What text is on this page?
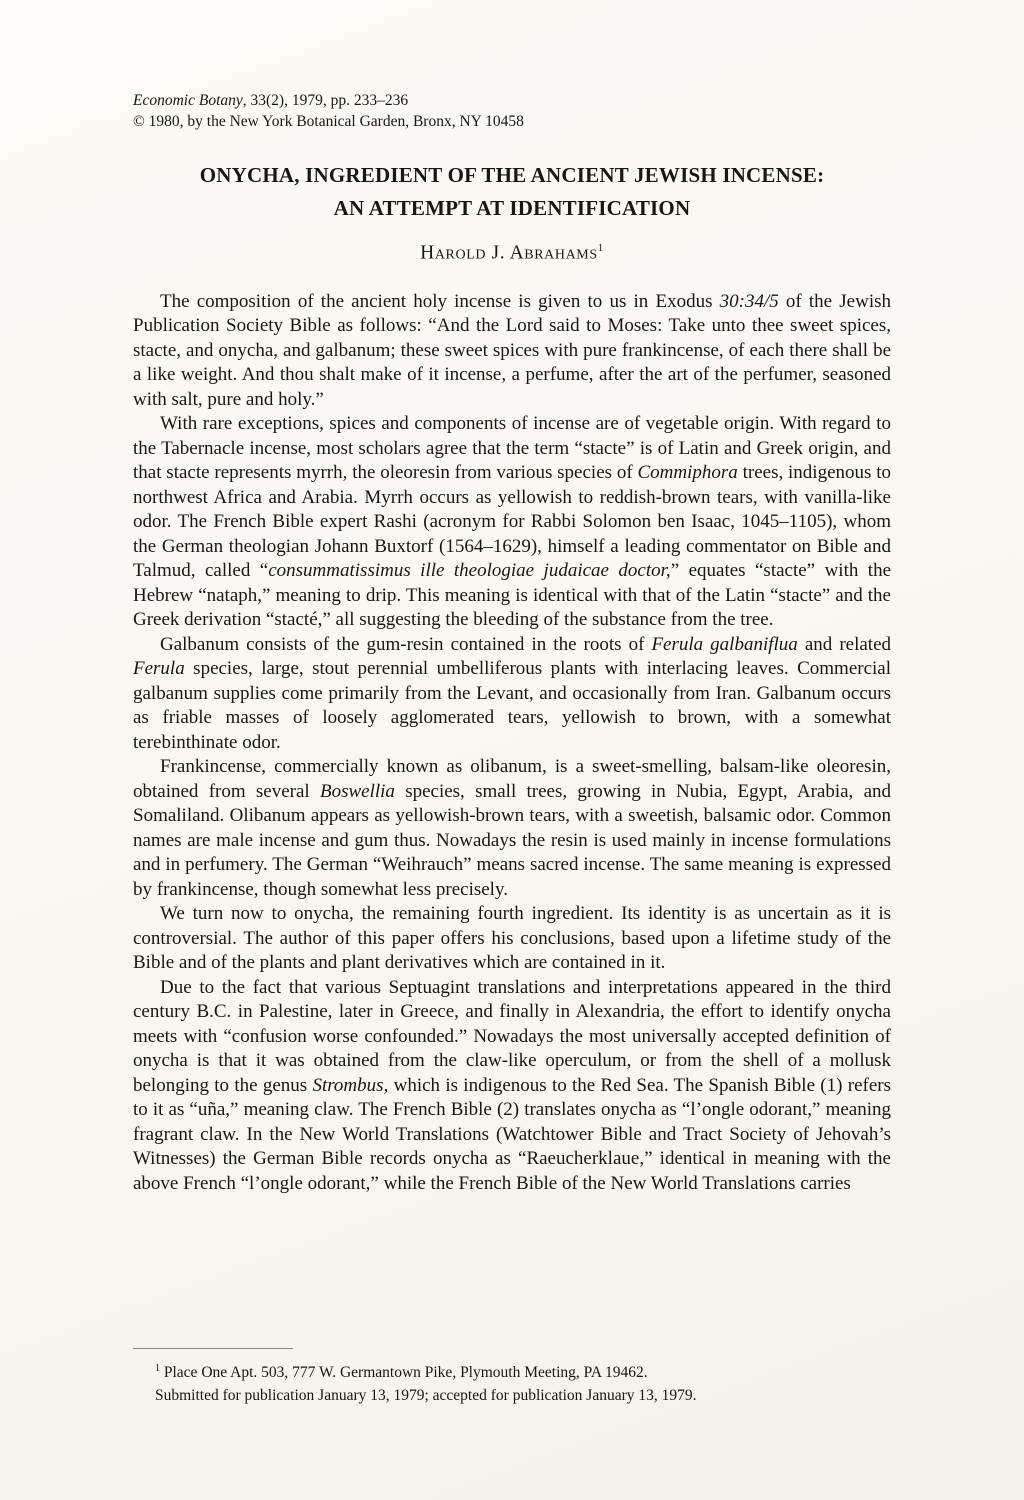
Economic Botany, 33(2), 1979, pp. 233–236
© 1980, by the New York Botanical Garden, Bronx, NY 10458
ONYCHA, INGREDIENT OF THE ANCIENT JEWISH INCENSE:
AN ATTEMPT AT IDENTIFICATION
Harold J. Abrahams$^1$

The composition of the ancient holy incense is given to us in Exodus 30:34/5 of the Jewish Publication Society Bible as follows: “And the Lord said to Moses: Take unto thee sweet spices, stacte, and onycha, and galbanum; these sweet spices with pure frankincense, of each there shall be a like weight. And thou shalt make of it incense, a perfume, after the art of the perfumer, seasoned with salt, pure and holy.”

With rare exceptions, spices and components of incense are of vegetable origin. With regard to the Tabernacle incense, most scholars agree that the term “stacte” is of Latin and Greek origin, and that stacte represents myrrh, the oleoresin from various species of Commiphora trees, indigenous to northwest Africa and Arabia. Myrrh occurs as yellowish to reddish-brown tears, with vanilla-like odor. The French Bible expert Rashi (acronym for Rabbi Solomon ben Isaac, 1045–1105), whom the German theologian Johann Buxtorf (1564–1629), himself a leading commentator on Bible and Talmud, called “consummatissimus ille theologiae judaicae doctor,” equates “stacte” with the Hebrew “nataph,” meaning to drip. This meaning is identical with that of the Latin “stacte” and the Greek derivation “stacté,” all suggesting the bleeding of the substance from the tree.

Galbanum consists of the gum-resin contained in the roots of Ferula galbaniflua and related Ferula species, large, stout perennial umbelliferous plants with interlacing leaves. Commercial galbanum supplies come primarily from the Levant, and occasionally from Iran. Galbanum occurs as friable masses of loosely agglomerated tears, yellowish to brown, with a somewhat terebinthinate odor.

Frankincense, commercially known as olibanum, is a sweet-smelling, balsam-like oleoresin, obtained from several Boswellia species, small trees, growing in Nubia, Egypt, Arabia, and Somaliland. Olibanum appears as yellowish-brown tears, with a sweetish, balsamic odor. Common names are male incense and gum thus. Nowadays the resin is used mainly in incense formulations and in perfumery. The German “Weihrauch” means sacred incense. The same meaning is expressed by frankincense, though somewhat less precisely.

We turn now to onycha, the remaining fourth ingredient. Its identity is as uncertain as it is controversial. The author of this paper offers his conclusions, based upon a lifetime study of the Bible and of the plants and plant derivatives which are contained in it.

Due to the fact that various Septuagint translations and interpretations appeared in the third century B.C. in Palestine, later in Greece, and finally in Alexandria, the effort to identify onycha meets with “confusion worse confounded.” Nowadays the most universally accepted definition of onycha is that it was obtained from the claw-like operculum, or from the shell of a mollusk belonging to the genus Strombus, which is indigenous to the Red Sea. The Spanish Bible (1) refers to it as “uña,” meaning claw. The French Bible (2) translates onycha as “l’ongle odorant,” meaning fragrant claw. In the New World Translations (Watchtower Bible and Tract Society of Jehovah’s Witnesses) the German Bible records onycha as “Raeucherklaue,” identical in meaning with the above French “l’ongle odorant,” while the French Bible of the New World Translations carries

$^1$ Place One Apt. 503, 777 W. Germantown Pike, Plymouth Meeting, PA 19462.

Submitted for publication January 13, 1979; accepted for publication January 13, 1979.
